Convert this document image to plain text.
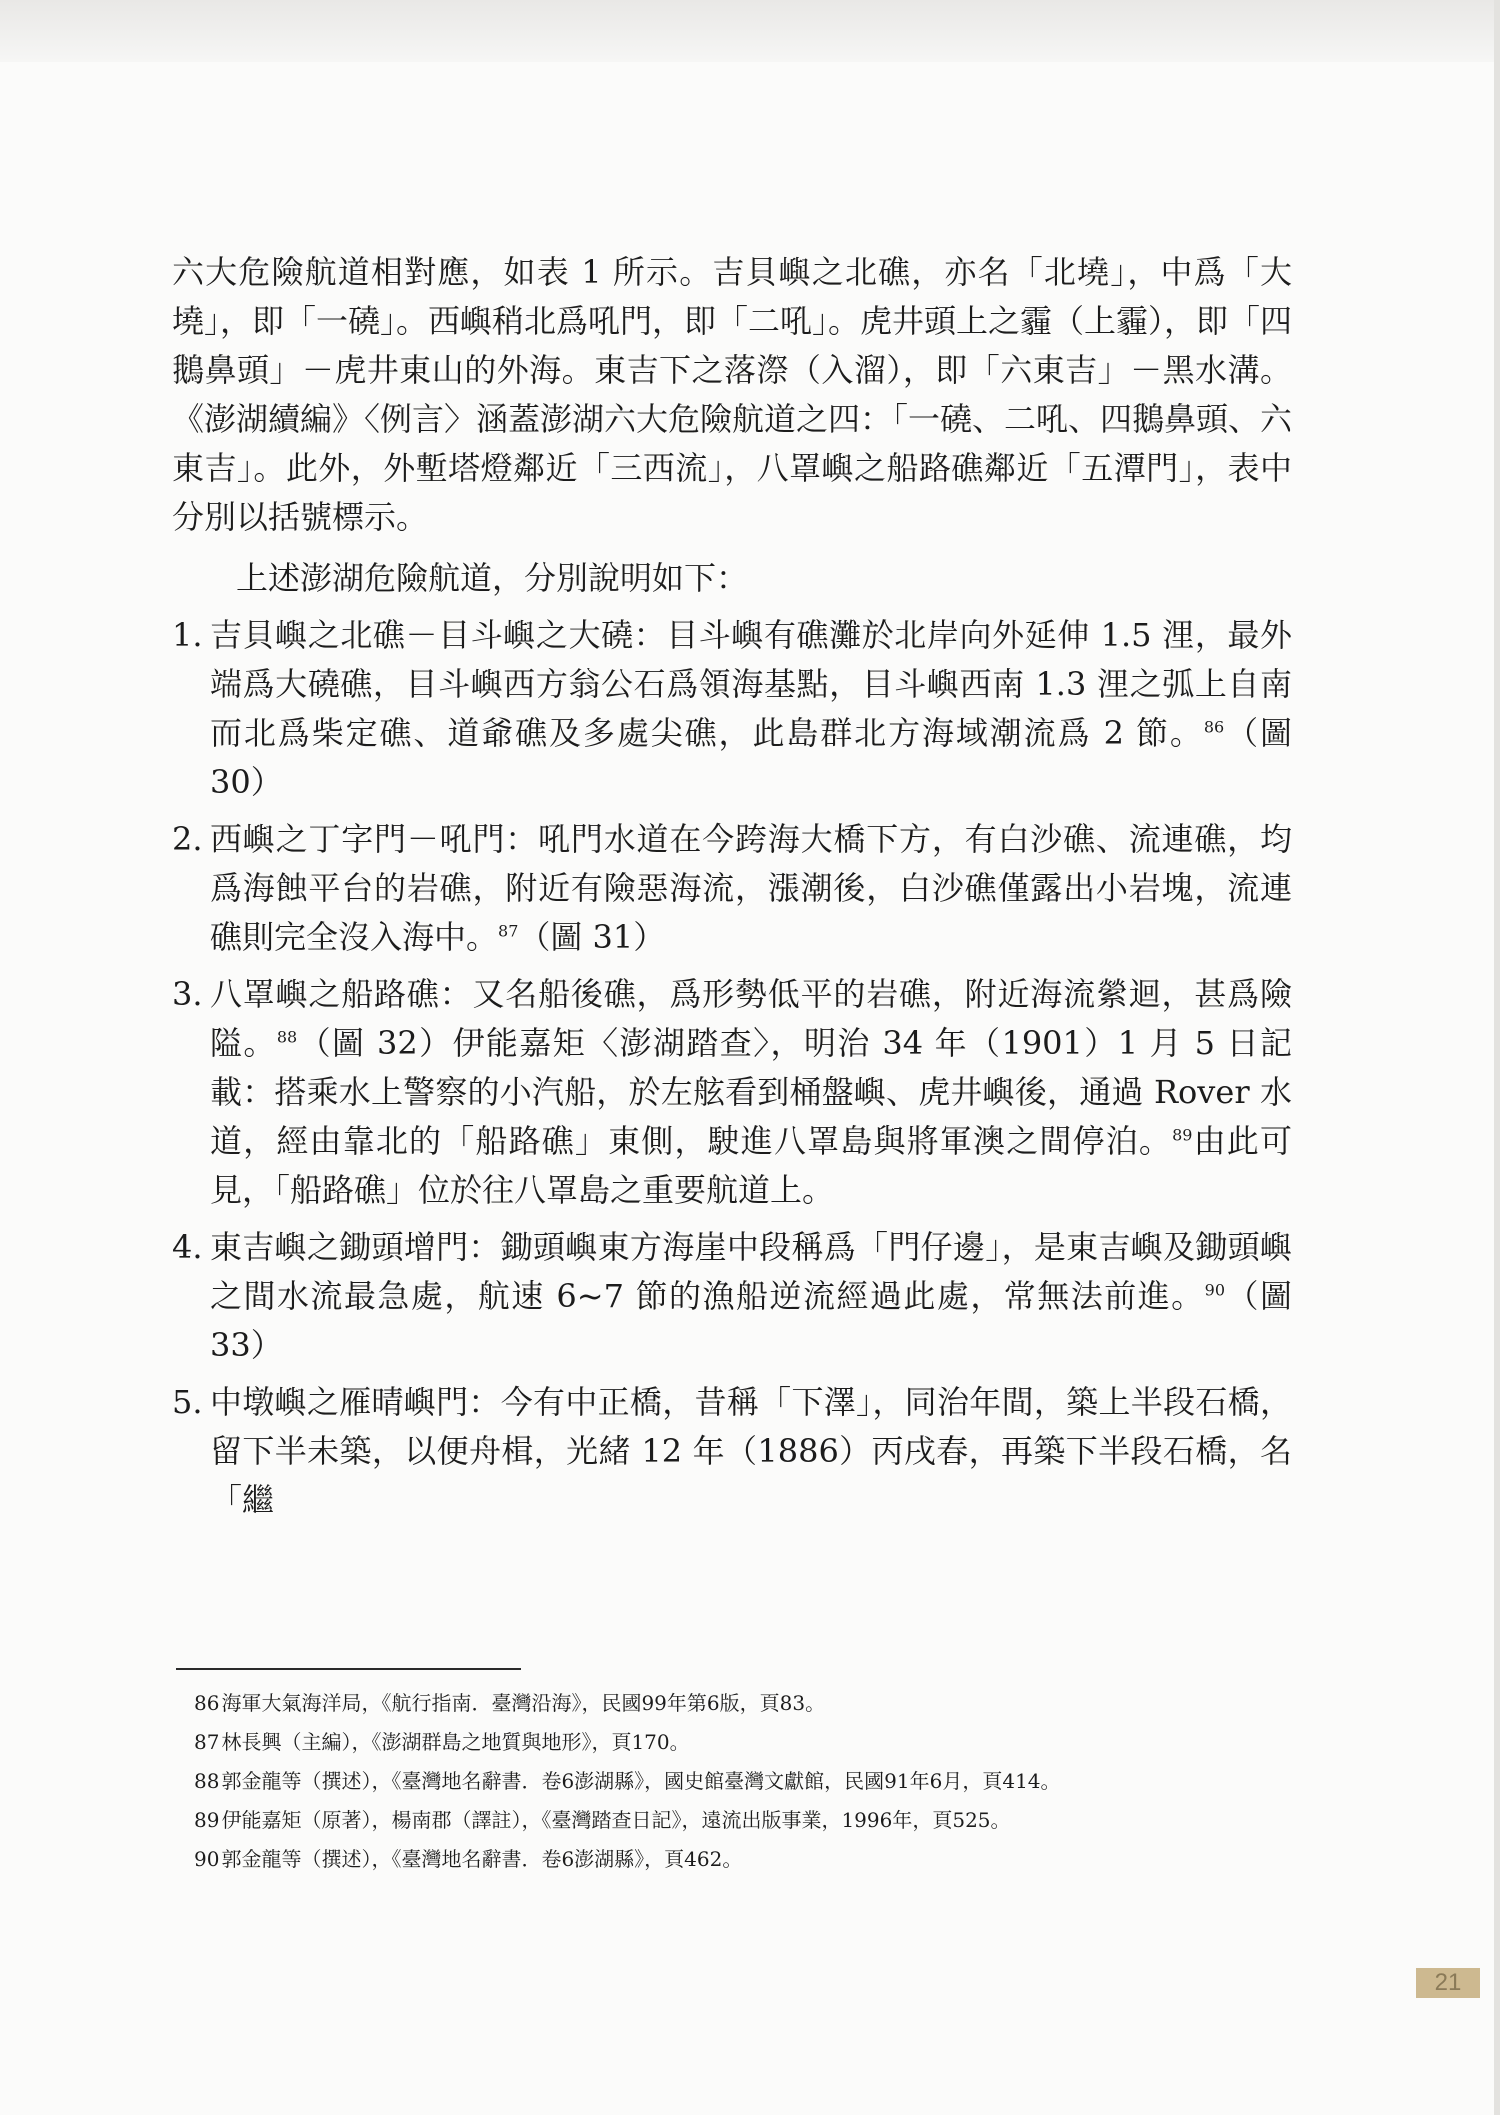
六大危險航道相對應，如表 1 所示。吉貝嶼之北礁，亦名「北墝」，中爲「大墝」，即「一磽」。西嶼稍北爲吼門，即「二吼」。虎井頭上之霾（上霾），即「四鵝鼻頭」－虎井東山的外海。東吉下之落漈（入溜），即「六東吉」－黑水溝。《澎湖續編》〈例言〉涵蓋澎湖六大危險航道之四：「一磽、二吼、四鵝鼻頭、六東吉」。此外，外塹塔燈鄰近「三西流」，八罩嶼之船路礁鄰近「五潭門」，表中分別以括號標示。

上述澎湖危險航道，分別說明如下：

1. 吉貝嶼之北礁－目斗嶼之大磽：目斗嶼有礁灘於北岸向外延伸 1.5 浬，最外端爲大磽礁，目斗嶼西方翁公石爲領海基點，目斗嶼西南 1.3 浬之弧上自南而北爲柴定礁、道爺礁及多處尖礁，此島群北方海域潮流爲 2 節。$^{86}$（圖 30）
2. 西嶼之丁字門－吼門：吼門水道在今跨海大橋下方，有白沙礁、流連礁，均爲海蝕平台的岩礁，附近有險惡海流，漲潮後，白沙礁僅露出小岩塊，流連礁則完全沒入海中。$^{87}$（圖 31）
3. 八罩嶼之船路礁：又名船後礁，爲形勢低平的岩礁，附近海流縈迴，甚爲險隘。$^{88}$（圖 32）伊能嘉矩〈澎湖踏查〉，明治 34 年（1901）1 月 5 日記載：搭乘水上警察的小汽船，於左舷看到桶盤嶼、虎井嶼後，通過 Rover 水道，經由靠北的「船路礁」東側，駛進八罩島與將軍澳之間停泊。$^{89}$由此可見，「船路礁」位於往八罩島之重要航道上。
4. 東吉嶼之鋤頭增門：鋤頭嶼東方海崖中段稱爲「門仔邊」，是東吉嶼及鋤頭嶼之間水流最急處，航速 6~7 節的漁船逆流經過此處，常無法前進。$^{90}$（圖 33）
5. 中墩嶼之雁晴嶼門：今有中正橋，昔稱「下澤」，同治年間，築上半段石橋，留下半未築，以便舟楫，光緒 12 年（1886）丙戌春，再築下半段石橋，名「繼

86 海軍大氣海洋局，《航行指南．臺灣沿海》，民國99年第6版，頁83。

87 林長興（主編），《澎湖群島之地質與地形》，頁170。

88 郭金龍等（撰述），《臺灣地名辭書．卷6澎湖縣》，國史館臺灣文獻館，民國91年6月，頁414。

89 伊能嘉矩（原著），楊南郡（譯註），《臺灣踏查日記》，遠流出版事業，1996年，頁525。

90 郭金龍等（撰述），《臺灣地名辭書．卷6澎湖縣》，頁462。

21
